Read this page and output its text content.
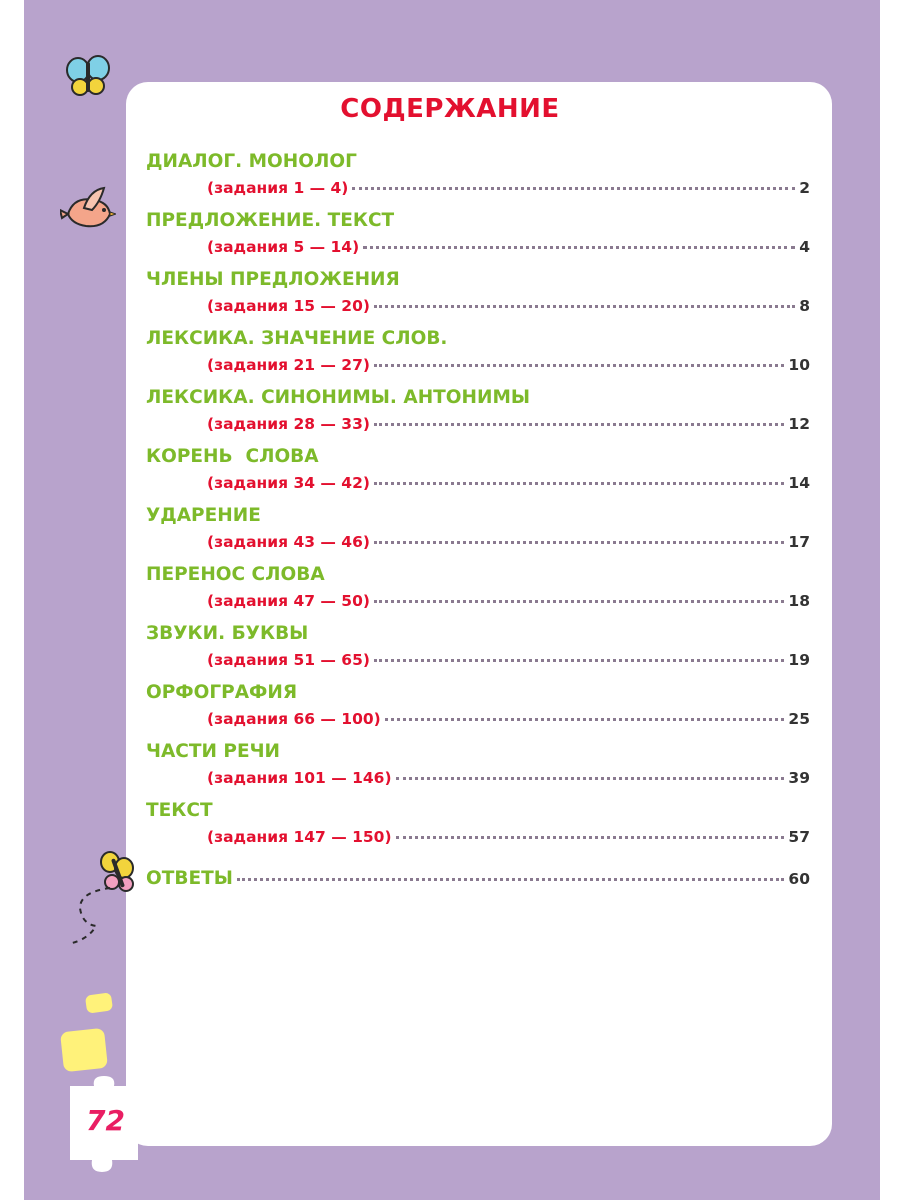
72
СОДЕРЖАНИЕ
ДИАЛОГ. МОНОЛОГ
(задания 1 — 4)	2
ПРЕДЛОЖЕНИЕ. ТЕКСТ
(задания 5 — 14)	4
ЧЛЕНЫ ПРЕДЛОЖЕНИЯ
(задания 15 — 20)	8
ЛЕКСИКА. ЗНАЧЕНИЕ СЛОВ.
(задания 21 — 27)	10
ЛЕКСИКА. СИНОНИМЫ. АНТОНИМЫ
(задания 28 — 33)	12
КОРЕНЬ  СЛОВА
(задания 34 — 42)	14
УДАРЕНИЕ
(задания 43 — 46)	17
ПЕРЕНОС СЛОВА
(задания 47 — 50)	18
ЗВУКИ. БУКВЫ
(задания 51 — 65)	19
ОРФОГРАФИЯ
(задания 66 — 100)	25
ЧАСТИ РЕЧИ
(задания 101 — 146)	39
ТЕКСТ
(задания 147 — 150)	57
ОТВЕТЫ	60
